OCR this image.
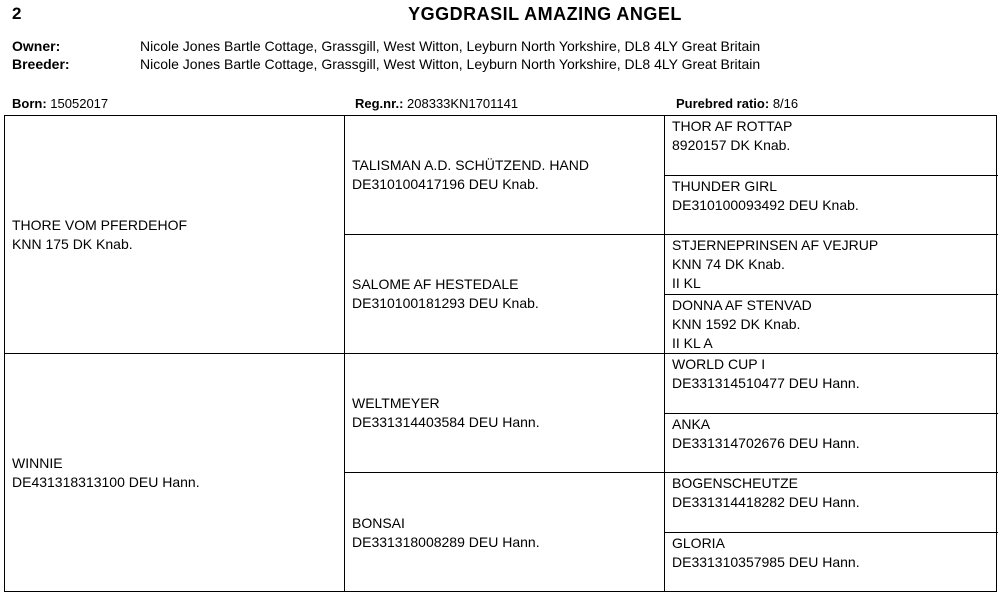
2	YGGDRASIL AMAZING ANGEL
Owner:	Nicole Jones Bartle Cottage, Grassgill, West Witton, Leyburn North Yorkshire, DL8 4LY Great Britain
Breeder:	Nicole Jones Bartle Cottage, Grassgill, West Witton, Leyburn North Yorkshire, DL8 4LY Great Britain
Born: 15052017	Reg.nr.: 208333KN1701141	Purebred ratio: 8/16
THORE VOM PFERDEHOF
KNN 175 DK Knab.
WINNIE
DE431318313100 DEU Hann.
TALISMAN A.D. SCHÜTZEND. HAND
DE310100417196 DEU Knab.
SALOME AF HESTEDALE
DE310100181293 DEU Knab.
WELTMEYER
DE331314403584 DEU Hann.
BONSAI
DE331318008289 DEU Hann.
THOR AF ROTTAP
8920157 DK Knab.
THUNDER GIRL
DE310100093492 DEU Knab.
STJERNEPRINSEN AF VEJRUP
KNN 74 DK Knab.
II KL
DONNA AF STENVAD
KNN 1592 DK Knab.
II KL A
WORLD CUP I
DE331314510477 DEU Hann.
ANKA
DE331314702676 DEU Hann.
BOGENSCHEUTZE
DE331314418282 DEU Hann.
GLORIA
DE331310357985 DEU Hann.
